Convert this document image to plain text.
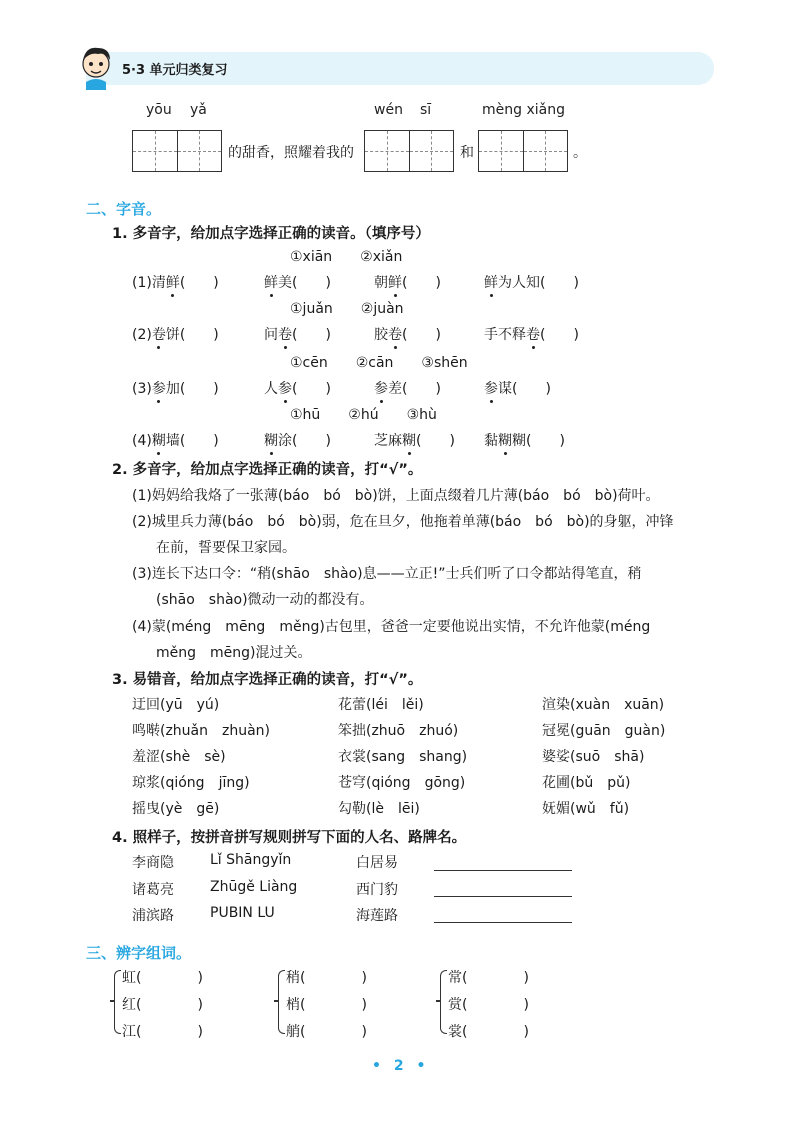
5·3 单元归类复习
yōu yǎ	wén sī	mèng xiǎng
的甜香，照耀着我的	和	。
二、字音。
1. 多音字，给加点字选择正确的读音。（填序号）
①xiān　　②xiǎn
(1)清鲜(　　)	鲜美(　　)	朝鲜(　　)	鲜为人知(　　)
①juǎn　　②juàn
(2)卷饼(　　)	问卷(　　)	胶卷(　　)	手不释卷(　　)
①cēn　　②cān　　③shēn
(3)参加(　　)	人参(　　)	参差(　　)	参谋(　　)
①hū　　②hú　　③hù
(4)糊墙(　　)	糊涂(　　)	芝麻糊(　　) 黏糊糊(　　)
2. 多音字，给加点字选择正确的读音，打“√”。
(1)妈妈给我烙了一张薄(báo　bó　bò)饼，上面点缀着几片薄(báo　bó　bò)荷叶。
(2)城里兵力薄(báo　bó　bò)弱，危在旦夕，他拖着单薄(báo　bó　bò)的身躯，冲锋
在前，誓要保卫家园。
(3)连长下达口令：“稍(shāo　shào)息——立正!”士兵们听了口令都站得笔直，稍
(shāo　shào)微动一动的都没有。
(4)蒙(méng　mēng　měng)古包里，爸爸一定要他说出实情，不允许他蒙(méng
měng　mēng)混过关。
3. 易错音，给加点字选择正确的读音，打“√”。
迂回(yū　yú)	花蕾(léi　lěi)	渲染(xuàn　xuān)
鸣啭(zhuǎn　zhuàn)	笨拙(zhuō　zhuó)	冠冕(guān　guàn)
羞涩(shè　sè)	衣裳(sang　shang)	婆娑(suō　shā)
琼浆(qióng　jīng)	苍穹(qióng　gōng)	花圃(bǔ　pǔ)
摇曳(yè　gē)	勾勒(lè　lēi)	妩媚(wǔ　fǔ)
4. 照样子，按拼音拼写规则拼写下面的人名、路牌名。
李商隐	Lǐ Shāngyǐn	白居易
诸葛亮	Zhūgě Liàng	西门豹
浦滨路	PUBIN LU	海莲路
三、辨字组词。
虹(　　　　)
红(　　　　)
江(　　　　)
稍(　　　　)
梢(　　　　)
艄(　　　　)
常(　　　　)
赏(　　　　)
裳(　　　　)
• 2 •
